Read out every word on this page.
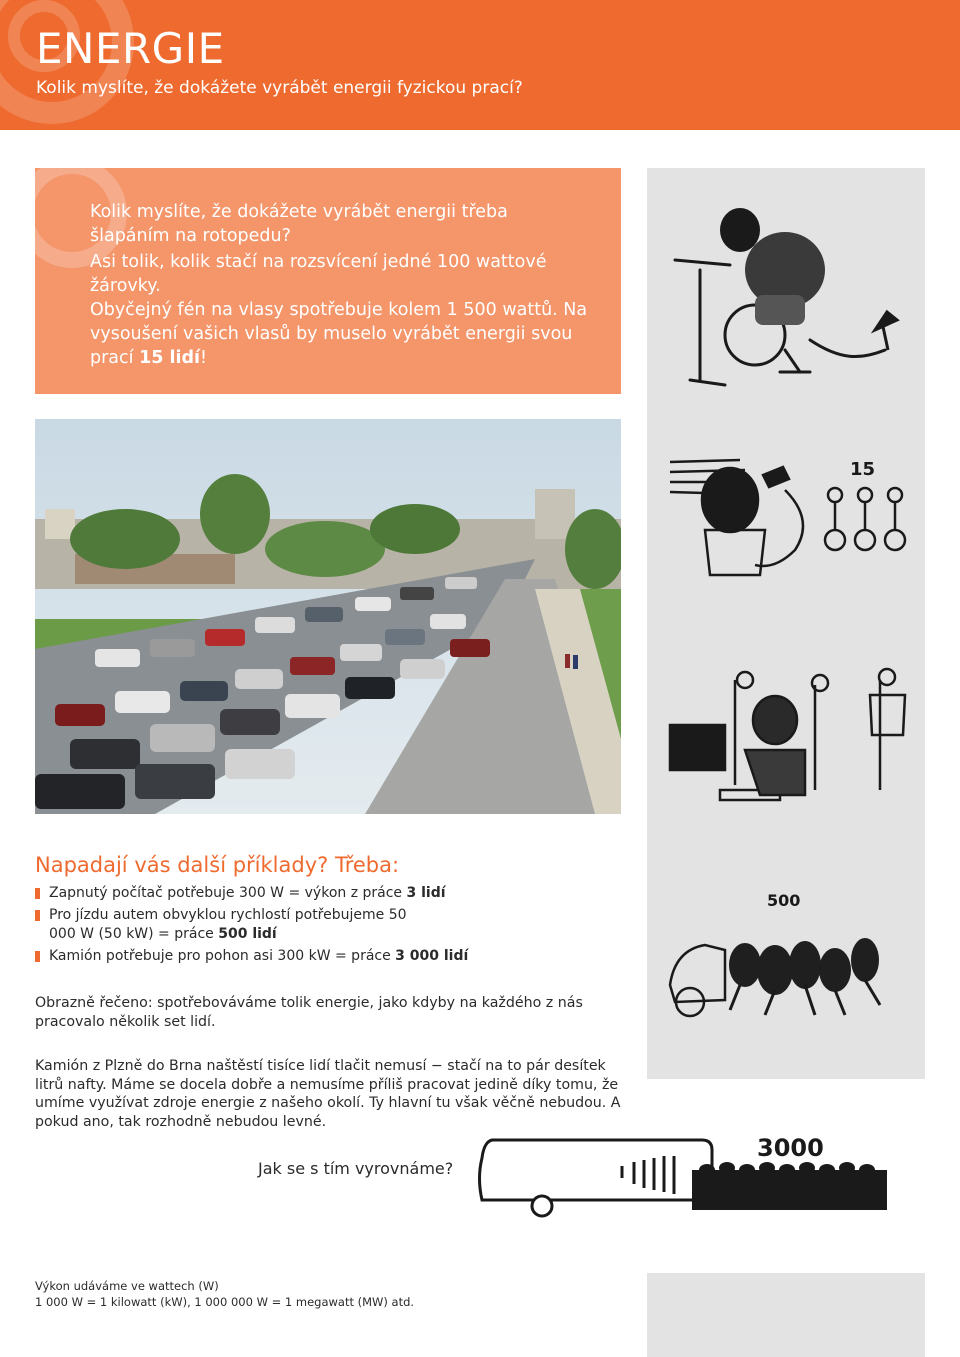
ENERGIE

Kolik myslíte, že dokážete vyrábět energii fyzickou prací?

Kolik myslíte, že dokážete vyrábět energii třeba šlapáním na rotopedu?

Asi tolik, kolik stačí na rozsvícení jedné 100 wattové žárovky.

Obyčejný fén na vlasy spotřebuje kolem 1 500 wattů. Na vysoušení vašich vlasů by muselo vyrábět energii svou prací 15 lidí!

15
500
3000
Napadají vás další příklady? Třeba:
Zapnutý počítač potřebuje 300 W = výkon z práce 3 lidí
Pro jízdu autem obvyklou rychlostí potřebujeme 50 000 W (50 kW) = práce 500 lidí
Kamión potřebuje pro pohon asi 300 kW = práce 3 000 lidí

Obrazně řečeno: spotřebováváme tolik energie, jako kdyby na každého z nás pracovalo několik set lidí.

Kamión z Plzně do Brna naštěstí tisíce lidí tlačit nemusí − stačí na to pár desítek litrů nafty. Máme se docela dobře a nemusíme příliš pracovat jedině díky tomu, že umíme využívat zdroje energie z našeho okolí. Ty hlavní tu však věčně nebudou. A pokud ano, tak rozhodně nebudou levné.

Jak se s tím vyrovnáme?

Výkon udáváme ve wattech (W)

1 000 W = 1 kilowatt (kW), 1 000 000 W = 1 megawatt (MW) atd.
